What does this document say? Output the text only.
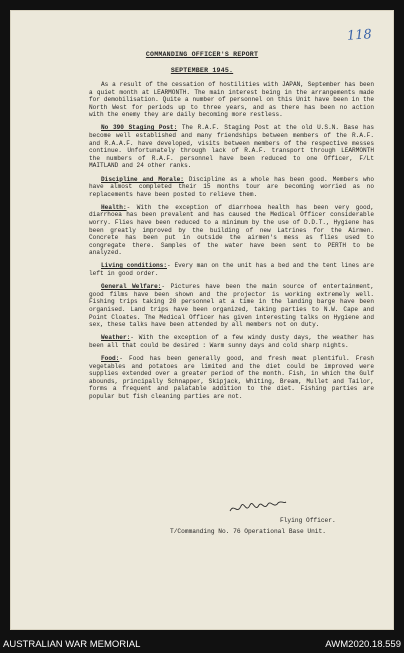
118
COMMANDING OFFICER'S REPORT
SEPTEMBER 1945.

As a result of the cessation of hostilities with JAPAN, September has been a quiet month at LEARMONTH. The main interest being in the arrangements made for demobilisation. Quite a number of personnel on this Unit have been in the North West for periods up to three years, and as there has been no action with the enemy they are daily becoming more restless.

No 390 Staging Post: The R.A.F. Staging Post at the old U.S.N. Base has become well established and many friendships between members of the R.A.F. and R.A.A.F. have developed, visits between members of the respective messes continue. Unfortunately through lack of R.A.F. transport through LEARMONTH the numbers of R.A.F. personnel have been reduced to one Officer, F/Lt MAITLAND and 24 other ranks.

Discipline and Morale: Discipline as a whole has been good. Members who have almost completed their 15 months tour are becoming worried as no replacements have been posted to relieve them.

Health:- With the exception of diarrhoea health has been very good, diarrhoea has been prevalent and has caused the Medical Officer considerable worry. Flies have been reduced to a minimum by the use of D.D.T., Hygiene has been greatly improved by the building of new Latrines for the Airmen. Concrete has been put in outside the airmen's mess as flies used to congregate there. Samples of the water have been sent to PERTH to be analyzed.

Living conditions:- Every man on the unit has a bed and the tent lines are left in good order.

General Welfare:- Pictures have been the main source of entertainment, good films have been shown and the projector is working extremely well. Fishing trips taking 20 personnel at a time in the landing barge have been organised. Land trips have been organized, taking parties to N.W. Cape and Point Cloates. The Medical Officer has given interesting talks on Hygiene and sex, these talks have been attended by all members not on duty.

Weather:- With the exception of a few windy dusty days, the weather has been all that could be desired : Warm sunny days and cold sharp nights.

Food:- Food has been generally good, and fresh meat plentiful. Fresh vegetables and potatoes are limited and the diet could be improved were supplies extended over a greater period of the month. Fish, in which the Gulf abounds, principally Schnapper, Skipjack, Whiting, Bream, Mullet and Tailor, forms a frequent and palatable addition to the diet. Fishing parties are popular but fish cleaning parties are not.

Flying Officer.
T/Commanding No. 76 Operational Base Unit.
AUSTRALIAN WAR MEMORIAL	AWM2020.18.559
